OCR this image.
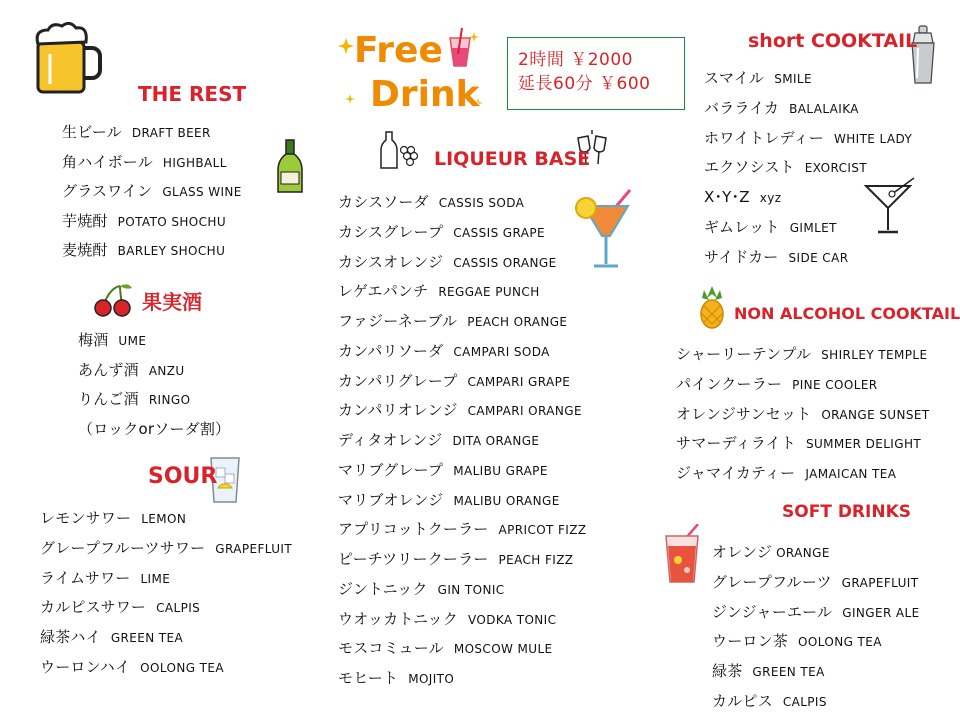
Free
Drink
2時間 ￥2000
延長60分 ￥600
THE REST
生ビール DRAFT BEER
角ハイボール HIGHBALL
グラスワイン GLASS WINE
芋焼酎 POTATO SHOCHU
麦焼酎 BARLEY SHOCHU
果実酒
梅酒 UME
あんず酒 ANZU
りんご酒 RINGO
（ロックorソーダ割）
SOUR
レモンサワー LEMON
グレープフルーツサワー GRAPEFLUIT
ライムサワー LIME
カルピスサワー CALPIS
緑茶ハイ GREEN TEA
ウーロンハイ OOLONG TEA
LIQUEUR BASE
カシスソーダ CASSIS SODA
カシスグレープ CASSIS GRAPE
カシスオレンジ CASSIS ORANGE
レゲエパンチ REGGAE PUNCH
ファジーネーブル PEACH ORANGE
カンパリソーダ CAMPARI SODA
カンパリグレープ CAMPARI GRAPE
カンパリオレンジ CAMPARI ORANGE
ディタオレンジ DITA ORANGE
マリブグレープ MALIBU GRAPE
マリブオレンジ MALIBU ORANGE
アプリコットクーラー APRICOT FIZZ
ピーチツリークーラー PEACH FIZZ
ジントニック GIN TONIC
ウオッカトニック VODKA TONIC
モスコミュール MOSCOW MULE
モヒート MOJITO
short COOKTAIL
スマイル SMILE
バラライカ BALALAIKA
ホワイトレディー WHITE LADY
エクソシスト EXORCIST
X･Y･Z xyz
ギムレット GIMLET
サイドカー SIDE CAR
NON ALCOHOL COOKTAIL
シャーリーテンプル SHIRLEY TEMPLE
パインクーラー PINE COOLER
オレンジサンセット ORANGE SUNSET
サマーディライト SUMMER DELIGHT
ジャマイカティー JAMAICAN TEA
SOFT DRINKS
オレンジ ORANGE
グレープフルーツ GRAPEFLUIT
ジンジャーエール GINGER ALE
ウーロン茶 OOLONG TEA
緑茶 GREEN TEA
カルピス CALPIS
